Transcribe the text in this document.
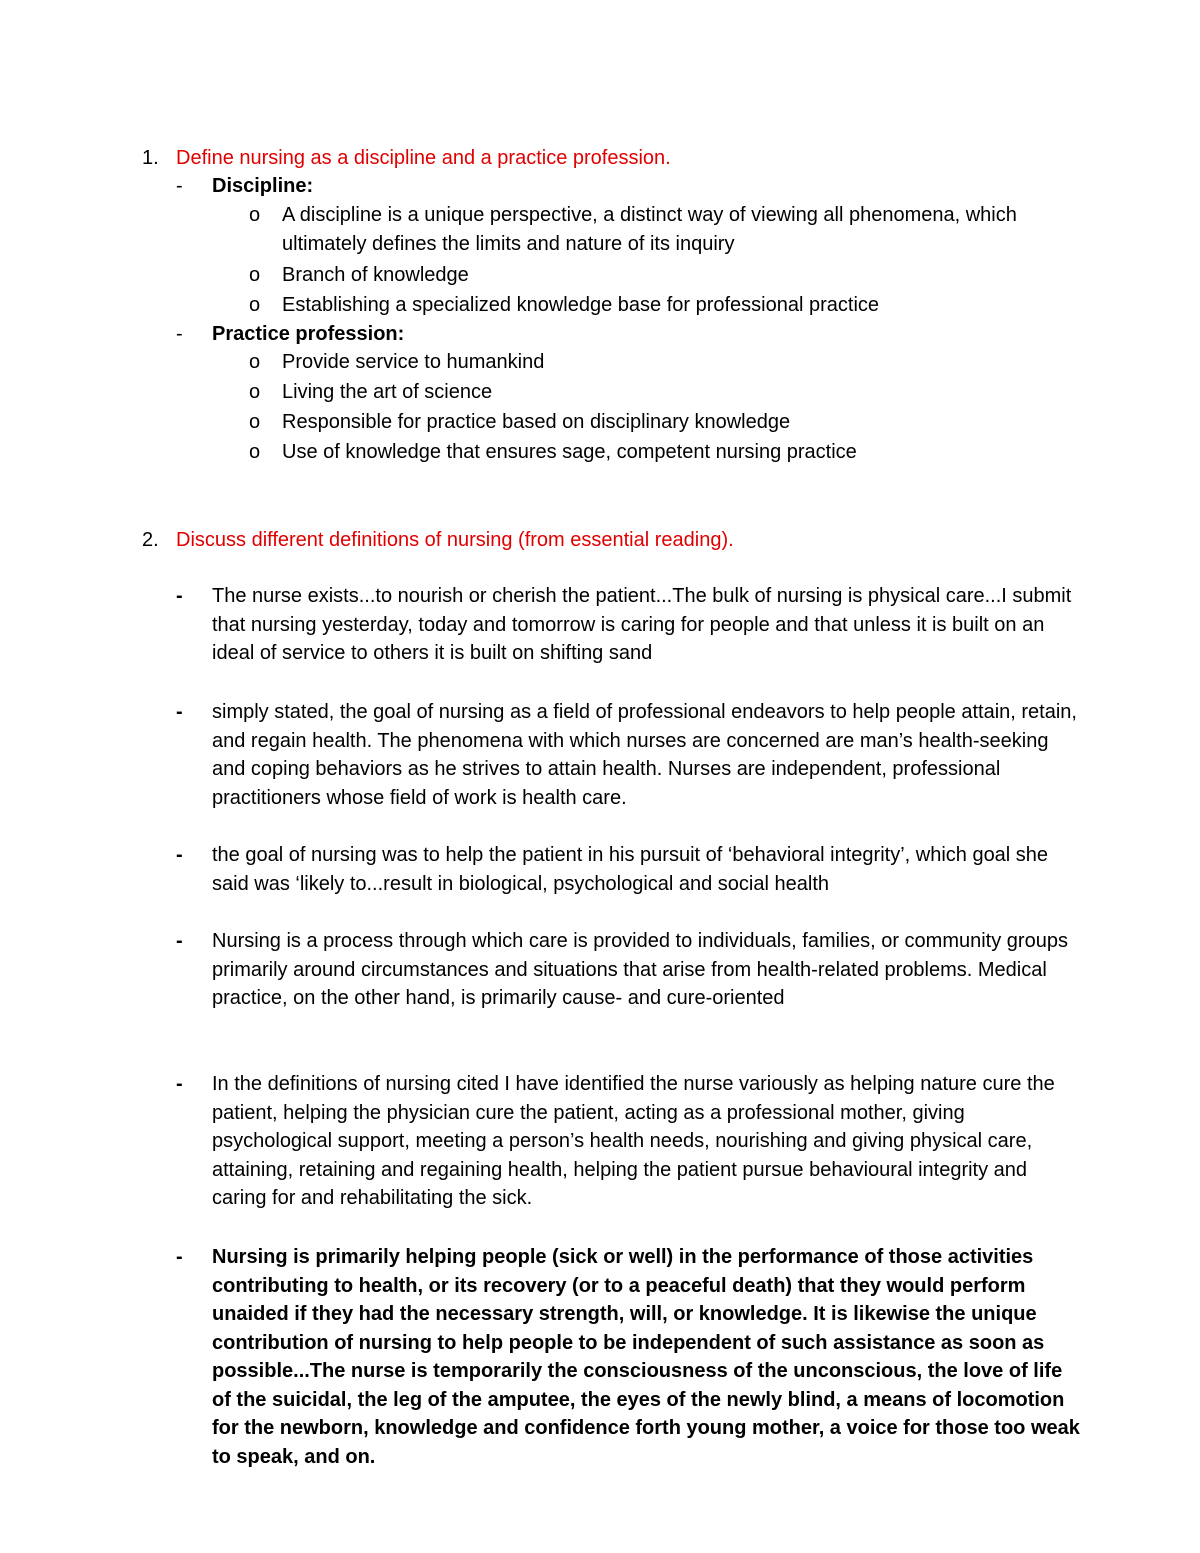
1. Define nursing as a discipline and a practice profession.
- Discipline:
o A discipline is a unique perspective, a distinct way of viewing all phenomena, which ultimately defines the limits and nature of its inquiry
o Branch of knowledge
o Establishing a specialized knowledge base for professional practice
- Practice profession:
o Provide service to humankind
o Living the art of science
o Responsible for practice based on disciplinary knowledge
o Use of knowledge that ensures sage, competent nursing practice
2. Discuss different definitions of nursing (from essential reading).
- The nurse exists...to nourish or cherish the patient...The bulk of nursing is physical care...I submit that nursing yesterday, today and tomorrow is caring for people and that unless it is built on an ideal of service to others it is built on shifting sand
- simply stated, the goal of nursing as a field of professional endeavors to help people attain, retain, and regain health. The phenomena with which nurses are concerned are man’s health-seeking and coping behaviors as he strives to attain health. Nurses are independent, professional practitioners whose field of work is health care.
- the goal of nursing was to help the patient in his pursuit of ‘behavioral integrity’, which goal she said was ‘likely to...result in biological, psychological and social health
- Nursing is a process through which care is provided to individuals, families, or community groups primarily around circumstances and situations that arise from health-related problems. Medical practice, on the other hand, is primarily cause- and cure-oriented
- In the definitions of nursing cited I have identified the nurse variously as helping nature cure the patient, helping the physician cure the patient, acting as a professional mother, giving psychological support, meeting a person’s health needs, nourishing and giving physical care, attaining, retaining and regaining health, helping the patient pursue behavioural integrity and caring for and rehabilitating the sick.
- Nursing is primarily helping people (sick or well) in the performance of those activities contributing to health, or its recovery (or to a peaceful death) that they would perform unaided if they had the necessary strength, will, or knowledge. It is likewise the unique contribution of nursing to help people to be independent of such assistance as soon as possible...The nurse is temporarily the consciousness of the unconscious, the love of life of the suicidal, the leg of the amputee, the eyes of the newly blind, a means of locomotion for the newborn, knowledge and confidence forth young mother, a voice for those too weak to speak, and on.
